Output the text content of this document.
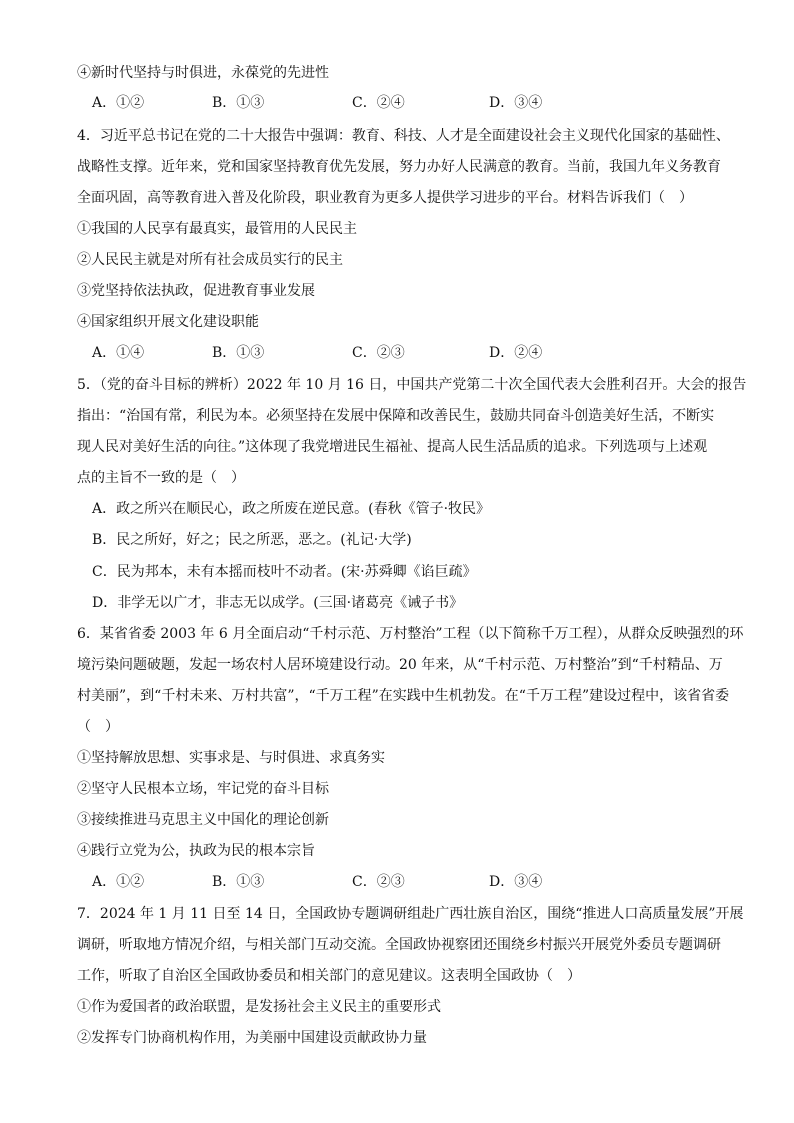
④新时代坚持与时俱进，永葆党的先进性
A．①②	B．①③	C．②④	D．③④
4．习近平总书记在党的二十大报告中强调：教育、科技、人才是全面建设社会主义现代化国家的基础性、
战略性支撑。近年来，党和国家坚持教育优先发展，努力办好人民满意的教育。当前，我国九年义务教育
全面巩固，高等教育进入普及化阶段，职业教育为更多人提供学习进步的平台。材料告诉我们（　）
①我国的人民享有最真实，最管用的人民民主
②人民民主就是对所有社会成员实行的民主
③党坚持依法执政，促进教育事业发展
④国家组织开展文化建设职能
A．①④	B．①③	C．②③	D．②④
5．（党的奋斗目标的辨析）2022 年 10 月 16 日，中国共产党第二十次全国代表大会胜利召开。大会的报告
指出：“治国有常，利民为本。必须坚持在发展中保障和改善民生，鼓励共同奋斗创造美好生活，不断实
现人民对美好生活的向往。”这体现了我党增进民生福祉、提高人民生活品质的追求。下列选项与上述观
点的主旨不一致的是（　）
A．政之所兴在顺民心，政之所废在逆民意。(春秋《管子·牧民》
B．民之所好，好之；民之所恶，恶之。(礼记·大学)
C．民为邦本，未有本摇而枝叶不动者。(宋·苏舜卿《谄巨疏》
D．非学无以广才，非志无以成学。(三国·诸葛亮《诫子书》
6．某省省委 2003 年 6 月全面启动“千村示范、万村整治”工程（以下简称千万工程），从群众反映强烈的环
境污染问题破题，发起一场农村人居环境建设行动。20 年来，从“千村示范、万村整治”到“千村精品、万
村美丽”，到“千村未来、万村共富”，“千万工程”在实践中生机勃发。在“千万工程”建设过程中，该省省委
（　）
①坚持解放思想、实事求是、与时俱进、求真务实
②坚守人民根本立场，牢记党的奋斗目标
③接续推进马克思主义中国化的理论创新
④践行立党为公，执政为民的根本宗旨
A．①②	B．①③	C．②③	D．③④
7．2024 年 1 月 11 日至 14 日，全国政协专题调研组赴广西壮族自治区，围绕“推进人口高质量发展”开展
调研，听取地方情况介绍，与相关部门互动交流。全国政协视察团还围绕乡村振兴开展党外委员专题调研
工作，听取了自治区全国政协委员和相关部门的意见建议。这表明全国政协（　）
①作为爱国者的政治联盟，是发扬社会主义民主的重要形式
②发挥专门协商机构作用，为美丽中国建设贡献政协力量
